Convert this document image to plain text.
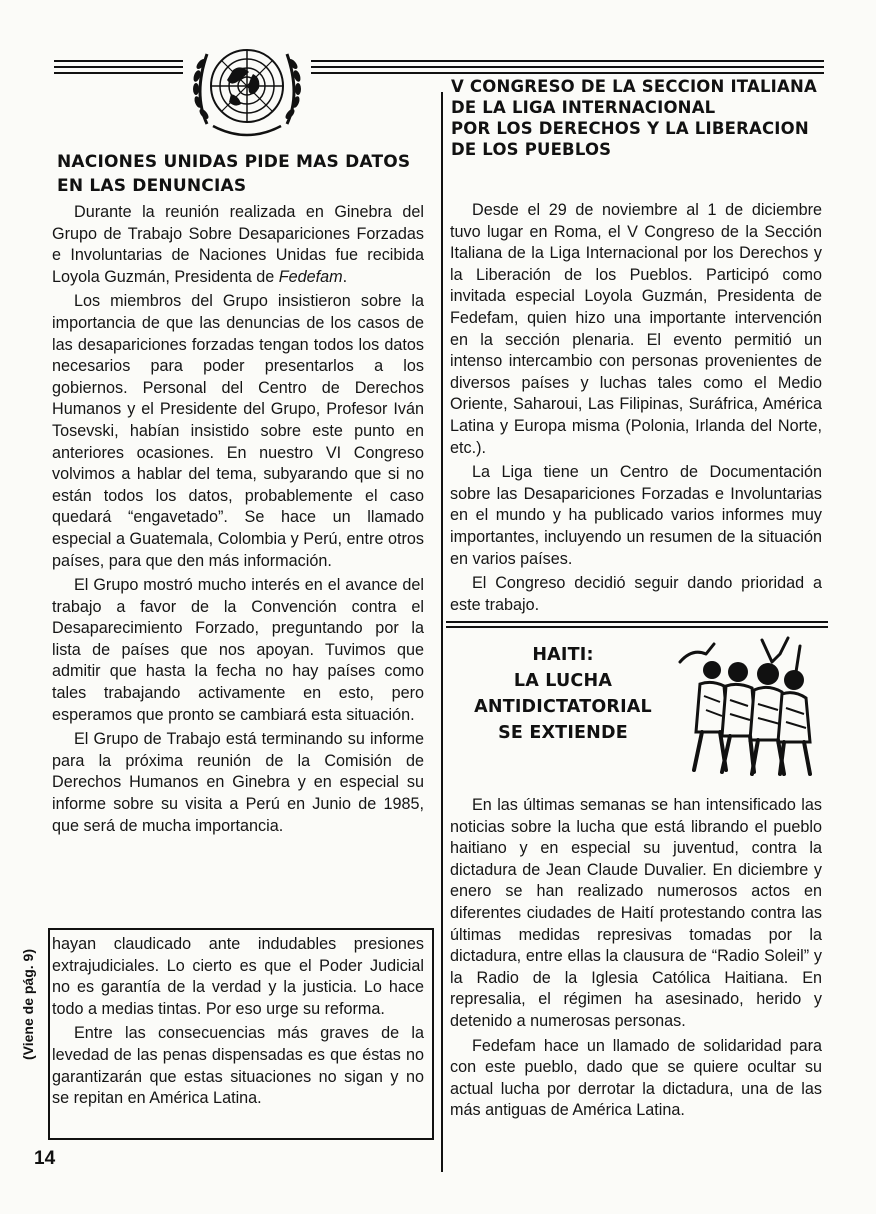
NACIONES UNIDAS PIDE MAS DATOS
EN LAS DENUNCIAS

Durante la reunión realizada en Ginebra del Grupo de Trabajo Sobre Desapariciones Forzadas e Involuntarias de Naciones Unidas fue recibida Loyola Guzmán, Presidenta de Fedefam.

Los miembros del Grupo insistieron sobre la importancia de que las denuncias de los casos de las desapariciones forzadas tengan todos los datos necesarios para poder presentarlos a los gobiernos. Personal del Centro de Derechos Humanos y el Presidente del Grupo, Profesor Iván Tosevski, habían insistido sobre este punto en anteriores ocasiones. En nuestro VI Congreso volvimos a hablar del tema, subyarando que si no están todos los datos, probablemente el caso quedará “engavetado”. Se hace un llamado especial a Guatemala, Colombia y Perú, entre otros países, para que den más información.

El Grupo mostró mucho interés en el avance del trabajo a favor de la Convención contra el Desaparecimiento Forzado, preguntando por la lista de países que nos apoyan. Tuvimos que admitir que hasta la fecha no hay países como tales trabajando activamente en esto, pero esperamos que pronto se cambiará esta situación.

El Grupo de Trabajo está terminando su informe para la próxima reunión de la Comisión de Derechos Humanos en Ginebra y en especial su informe sobre su visita a Perú en Junio de 1985, que será de mucha importancia.

hayan claudicado ante indudables presiones extrajudiciales. Lo cierto es que el Poder Judicial no es garantía de la verdad y la justicia. Lo hace todo a medias tintas. Por eso urge su reforma.

Entre las consecuencias más graves de la levedad de las penas dispensadas es que éstas no garantizarán que estas situaciones no sigan y no se repitan en América Latina.

(Viene de pág. 9)
14
V CONGRESO DE LA SECCION ITALIANA
DE LA LIGA INTERNACIONAL
POR LOS DERECHOS Y LA LIBERACION
DE LOS PUEBLOS

Desde el 29 de noviembre al 1 de diciembre tuvo lugar en Roma, el V Congreso de la Sección Italiana de la Liga Internacional por los Derechos y la Liberación de los Pueblos. Participó como invitada especial Loyola Guzmán, Presidenta de Fedefam, quien hizo una importante intervención en la sección plenaria. El evento permitió un intenso intercambio con personas provenientes de diversos países y luchas tales como el Medio Oriente, Saharoui, Las Filipinas, Suráfrica, América Latina y Europa misma (Polonia, Irlanda del Norte, etc.).

La Liga tiene un Centro de Documentación sobre las Desapariciones Forzadas e Involuntarias en el mundo y ha publicado varios informes muy importantes, incluyendo un resumen de la situación en varios países.

El Congreso decidió seguir dando prioridad a este trabajo.

HAITI:
LA LUCHA
ANTIDICTATORIAL
SE EXTIENDE

En las últimas semanas se han intensificado las noticias sobre la lucha que está librando el pueblo haitiano y en especial su juventud, contra la dictadura de Jean Claude Duvalier. En diciembre y enero se han realizado numerosos actos en diferentes ciudades de Haití protestando contra las últimas medidas represivas tomadas por la dictadura, entre ellas la clausura de “Radio Soleil” y la Radio de la Iglesia Católica Haitiana. En represalia, el régimen ha asesinado, herido y detenido a numerosas personas.

Fedefam hace un llamado de solidaridad para con este pueblo, dado que se quiere ocultar su actual lucha por derrotar la dictadura, una de las más antiguas de América Latina.
